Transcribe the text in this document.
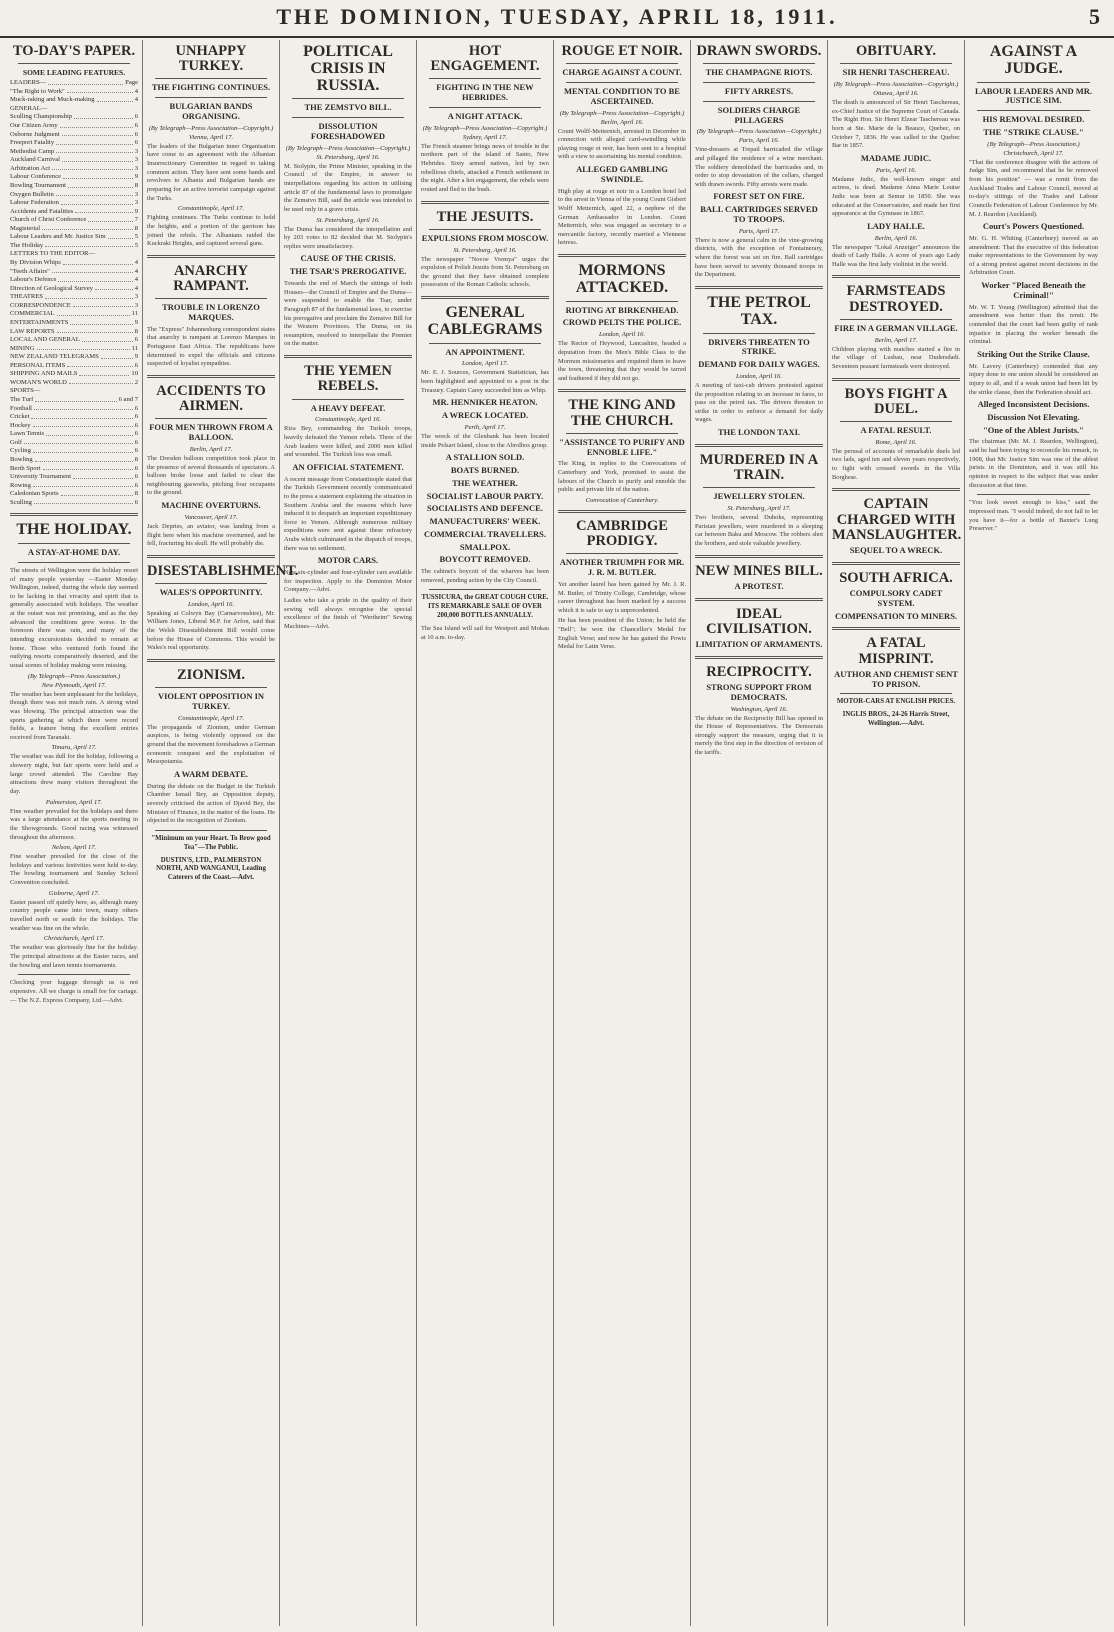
THE DOMINION, TUESDAY, APRIL 18, 1911.	5
TO-DAY'S PAPER.
SOME LEADING FEATURES.
LEADERS—	Page
"The Right to Work"	4
Muck-raking and Muck-making	4
GENERAL—
Sculling Championship	6
Our Citizen Army	6
Osborne Judgment	6
Freeport Fatality	6
Methodist Camp	3
Auckland Carnival	3
Arbitration Act	3
Labour Conference	9
Bowling Tournament	8
Oxygen Bulletin	3
Labour Federation	3
Accidents and Fatalities	9
Church of Christ Conference	7
Magisterial	8
Labour Leaders and Mr. Justice Sim	5
The Holiday	5
LETTERS TO THE EDITOR—
By Division Whips	4
"Teeth Affairs"	4
Labour's Defence	4
Direction of Geological Survey	4
THEATRES	3
CORRESPONDENCE	3
COMMERCIAL	11
ENTERTAINMENTS	9
LAW REPORTS	8
LOCAL AND GENERAL	6
MINING	11
NEW ZEALAND TELEGRAMS	9
PERSONAL ITEMS	6
SHIPPING AND MAILS	10
WOMAN'S WORLD	2
SPORTS—
The Turf	6 and 7
Football	6
Cricket	6
Hockey	6
Lawn Tennis	6
Golf	6
Cycling	6
Bowling	8
Berth Sport	6
University Tournament	6
Rowing	6
Caledonian Sports	8
Sculling	6
THE HOLIDAY.
A STAY-AT-HOME DAY.

The streets of Wellington were the holiday resort of many people yesterday —Easter Monday. Wellington, indeed, during the whole day seemed to be lacking in that vivacity and spirit that is generally associated with holidays. The weather at the outset was not promising, and as the day advanced the conditions grew worse. In the forenoon there was rain, and many of the intending excursionists decided to remain at home. Those who ventured forth found the outlying resorts comparatively deserted, and the usual scenes of holiday making were missing.

(By Telegraph—Press Association.)
New Plymouth, April 17.

The weather has been unpleasant for the holidays, though there was not much rain. A strong wind was blowing. The principal attraction was the sports gathering at which there were record fields, a feature being the excellent entries received from Taranaki.

Timaru, April 17.

The weather was dull for the holiday, following a showery night, but fair sports were held and a large crowd attended. The Caroline Bay attractions drew many visitors throughout the day.

Palmerston, April 17.

Fine weather prevailed for the holidays and there was a large attendance at the sports meeting in the Showgrounds. Good racing was witnessed throughout the afternoon.

Nelson, April 17.

Fine weather prevailed for the close of the holidays and various festivities were held to-day. The bowling tournament and Sunday School Convention concluded.

Gisborne, April 17.

Easter passed off quietly here, as, although many country people came into town, many others travelled north or south for the holidays. The weather was fine on the whole.

Christchurch, April 17.

The weather was gloriously fine for the holiday. The principal attractions at the Easter races, and the bowling and lawn tennis tournaments.

Checking your luggage through us is not expensive. All we charge is small fee for cartage. — The N.Z. Express Company, Ltd.—Advt.

UNHAPPY TURKEY.
THE FIGHTING CONTINUES.
BULGARIAN BANDS ORGANISING.
(By Telegraph—Press Association—Copyright.)
Vienna, April 17.

The leaders of the Bulgarian inner Organisation have come to an agreement with the Albanian Insurrectionary Committee in regard to taking common action. They have sent some bands and revolvers to Albania and Bulgarian bands are preparing for an active terrorist campaign against the Turks.

Constantinople, April 17.

Fighting continues. The Turks continue to hold the heights, and a portion of the garrison has joined the rebels. The Albanians raided the Kuckraki Heights, and captured several guns.

ANARCHY RAMPANT.
TROUBLE IN LORENZO MARQUES.

The "Express" Johannesburg correspondent states that anarchy is rampant at Lorenzo Marques in Portuguese East Africa. The republicans have determined to expel the officials and citizens suspected of loyalist sympathies.

ACCIDENTS TO AIRMEN.
FOUR MEN THROWN FROM A BALLOON.
Berlin, April 17.

The Dresden balloon competition took place in the presence of several thousands of spectators. A balloon broke loose and failed to clear the neighbouring gasworks, pitching four occupants to the ground.

MACHINE OVERTURNS.
Vancouver, April 17.

Jack Depries, an aviator, was landing from a flight here when his machine overturned, and he fell, fracturing his skull. He will probably die.

DISESTABLISHMENT.
WALES'S OPPORTUNITY.
London, April 16.

Speaking at Colwyn Bay (Carnarvonshire), Mr. William Jones, Liberal M.P. for Arfon, said that the Welsh Disestablishment Bill would come before the House of Commons. This would be Wales's real opportunity.

ZIONISM.
VIOLENT OPPOSITION IN TURKEY.
Constantinople, April 17.

The propaganda of Zionism, under German auspices, is being violently opposed on the ground that the movement foreshadows a German economic conquest and the exploitation of Mesopotamia.

A WARM DEBATE.

During the debate on the Budget in the Turkish Chamber Ismail Bey, an Opposition deputy, severely criticised the action of Djavid Bey, the Minister of Finance, in the matter of the loans. He objected to the recognition of Zionism.

"Minimum on your Heart. To Brow good Tea"—The Public.
DUSTIN'S, LTD., PALMERSTON NORTH, AND WANGANUI, Leading Caterers of the Coast.—Advt.
POLITICAL CRISIS IN RUSSIA.
THE ZEMSTVO BILL.
DISSOLUTION FORESHADOWED
(By Telegraph—Press Association—Copyright.)
St. Petersburg, April 16.

M. Stolypin, the Prime Minister, speaking in the Council of the Empire, in answer to interpellations regarding his action in utilising article 87 of the fundamental laws to promulgate the Zemstvo Bill, said the article was intended to be used only in a grave crisis.

St. Petersburg, April 16.

The Duma has considered the interpellation and by 203 votes to 82 decided that M. Stolypin's replies were unsatisfactory.

CAUSE OF THE CRISIS.
THE TSAR'S PREROGATIVE.

Towards the end of March the sittings of both Houses—the Council of Empire and the Duma—were suspended to enable the Tsar, under Paragraph 87 of the fundamental laws, to exercise his prerogative and proclaim the Zemstvo Bill for the Western Provinces. The Duma, on its resumption, resolved to interpellate the Premier on the matter.

THE YEMEN REBELS.
A HEAVY DEFEAT.
Constantinople, April 16.

Riza Bey, commanding the Turkish troops, heavily defeated the Yemen rebels. Three of the Arab leaders were killed, and 2000 men killed and wounded. The Turkish loss was small.

AN OFFICIAL STATEMENT.

A recent message from Constantinople stated that the Turkish Government recently communicated to the press a statement explaining the situation in Southern Arabia and the reasons which have induced it to despatch an important expeditionary force to Yemen. Although numerous military expeditions were sent against these refractory Arabs which culminated in the dispatch of troops, there was no settlement.

MOTOR CARS.

New six-cylinder and four-cylinder cars available for inspection. Apply to the Dominion Motor Company.—Advt.

Ladies who take a pride in the quality of their sewing will always recognise the special excellence of the finish of "Wertheim" Sewing Machines—Advt.

HOT ENGAGEMENT.
FIGHTING IN THE NEW HEBRIDES.
A NIGHT ATTACK.
(By Telegraph—Press Association—Copyright.)
Sydney, April 17.

The French steamer brings news of trouble in the northern part of the island of Santo, New Hebrides. Sixty armed natives, led by two rebellious chiefs, attacked a French settlement in the night. After a hot engagement, the rebels were routed and fled to the bush.

THE JESUITS.
EXPULSIONS FROM MOSCOW.
St. Petersburg, April 16.

The newspaper "Novoe Vremya" urges the expulsion of Polish Jesuits from St. Petersburg on the ground that they have obtained complete possession of the Roman Catholic schools.

GENERAL CABLEGRAMS
AN APPOINTMENT.
London, April 17.

Mr. E. J. Sources, Government Statistician, has been highlighted and appointed to a post in the Treasury. Captain Carey succeeded him as Whip.

MR. HENNIKER HEATON.
A WRECK LOCATED.
Perth, April 17.

The wreck of the Glenbank has been located inside Pelsart Island, close to the Abrolhos group.

A STALLION SOLD.
BOATS BURNED.
THE WEATHER.
SOCIALIST LABOUR PARTY.
SOCIALISTS AND DEFENCE.
MANUFACTURERS' WEEK.
COMMERCIAL TRAVELLERS.
SMALLPOX.
BOYCOTT REMOVED.

The cabinet's boycott of the wharves has been removed, pending action by the City Council.

TUSSICURA, the GREAT COUGH CURE. ITS REMARKABLE SALE OF OVER 200,000 BOTTLES ANNUALLY.

The Sea Island will sail for Westport and Mokau at 10 a.m. to-day.

ROUGE ET NOIR.
CHARGE AGAINST A COUNT.
MENTAL CONDITION TO BE ASCERTAINED.
(By Telegraph—Press Association—Copyright.)
Berlin, April 16.

Count Wolff-Metternich, arrested in December in connection with alleged card-swindling while playing rouge et noir, has been sent to a hospital with a view to ascertaining his mental condition.

ALLEGED GAMBLING SWINDLE.

High play at rouge et noir in a London hotel led to the arrest in Vienna of the young Count Gisbert Wolff Metternich, aged 22, a nephew of the German Ambassador in London. Count Metternich, who was engaged as secretary to a mercantile factory, recently married a Viennese heiress.

MORMONS ATTACKED.
RIOTING AT BIRKENHEAD.
CROWD PELTS THE POLICE.
London, April 16.

The Rector of Heywood, Lancashire, headed a deputation from the Men's Bible Class to the Mormon missionaries and required them to leave the town, threatening that they would be tarred and feathered if they did not go.

THE KING AND THE CHURCH.
"ASSISTANCE TO PURIFY AND ENNOBLE LIFE."

The King, in replies to the Convocations of Canterbury and York, promised to assist the labours of the Church to purify and ennoble the public and private life of the nation.

Convocation of Canterbury.
CAMBRIDGE PRODIGY.
ANOTHER TRIUMPH FOR MR. J. R. M. BUTLER.

Yet another laurel has been gained by Mr. J. R. M. Butler, of Trinity College, Cambridge, whose career throughout has been marked by a success which it is safe to say is unprecedented.

He has been president of the Union; he held the "Bell"; he won the Chancellor's Medal for English Verse; and now he has gained the Powis Medal for Latin Verse.

DRAWN SWORDS.
THE CHAMPAGNE RIOTS.
FIFTY ARRESTS.
SOLDIERS CHARGE PILLAGERS
(By Telegraph—Press Association—Copyright.)
Paris, April 16.

Vine-dressers at Trepail barricaded the village and pillaged the residence of a wine merchant. The soldiery demolished the barricades and, in order to stop devastation of the cellars, charged with drawn swords. Fifty arrests were made.

FOREST SET ON FIRE.
BALL CARTRIDGES SERVED TO TROOPS.
Paris, April 17.

There is now a general calm in the vine-growing districts, with the exception of Fontainerary, where the forest was set on fire. Ball cartridges have been served to seventy thousand troops in the Department.

THE PETROL TAX.
DRIVERS THREATEN TO STRIKE.
DEMAND FOR DAILY WAGES.
London, April 16.

A meeting of taxi-cab drivers protested against the proposition relating to an increase in fares, to pass on the petrol tax. The drivers threaten to strike in order to enforce a demand for daily wages.

THE LONDON TAXI.
MURDERED IN A TRAIN.
JEWELLERY STOLEN.
St. Petersburg, April 17.

Two brothers, several Duhoks, representing Parisian jewellers, were murdered in a sleeping car between Baku and Moscow. The robbers shot the brothers, and stole valuable jewellery.

NEW MINES BILL.
A PROTEST.
IDEAL CIVILISATION.
LIMITATION OF ARMAMENTS.
RECIPROCITY.
STRONG SUPPORT FROM DEMOCRATS.
Washington, April 16.

The debate on the Reciprocity Bill has opened in the House of Representatives. The Democrats strongly support the measure, urging that it is merely the first step in the direction of revision of the tariffs.

OBITUARY.
SIR HENRI TASCHEREAU.
(By Telegraph—Press Association—Copyright.)
Ottawa, April 16.

The death is announced of Sir Henri Taschereau, ex-Chief Justice of the Supreme Court of Canada. The Right Hon. Sir Henri Elzear Taschereau was born at Ste. Marie de la Beauce, Quebec, on October 7, 1836. He was called to the Quebec Bar in 1857.

MADAME JUDIC.
Paris, April 16.

Madame Judic, the well-known singer and actress, is dead. Madame Anna Marie Louise Judic was born at Semur in 1850. She was educated at the Conservatoire, and made her first appearance at the Gymnase in 1867.

LADY HALLE.
Berlin, April 16.

The newspaper "Lokal Anzeiger" announces the death of Lady Halle. A score of years ago Lady Halle was the first lady violinist in the world.

FARMSTEADS DESTROYED.
FIRE IN A GERMAN VILLAGE.
Berlin, April 17.

Children playing with matches started a fire in the village of Lusbau, near Dudersdadt. Seventeen peasant farmsteads were destroyed.

BOYS FIGHT A DUEL.
A FATAL RESULT.
Rome, April 16.

The perusal of accounts of remarkable duels led two lads, aged ten and eleven years respectively, to fight with crossed swords in the Villa Borghese.

CAPTAIN CHARGED WITH MANSLAUGHTER.
SEQUEL TO A WRECK.
SOUTH AFRICA.
COMPULSORY CADET SYSTEM.
COMPENSATION TO MINERS.
A FATAL MISPRINT.
AUTHOR AND CHEMIST SENT TO PRISON.
MOTOR-CARS AT ENGLISH PRICES.
INGLIS BROS., 24-26 Harris Street, Wellington.—Advt.
AGAINST A JUDGE.
LABOUR LEADERS AND MR. JUSTICE SIM.
HIS REMOVAL DESIRED.
THE "STRIKE CLAUSE."
(By Telegraph—Press Association.)
Christchurch, April 17.

"That the conference disagree with the actions of Judge Sim, and recommend that he be removed from his position" — was a remit from the Auckland Trades and Labour Council, moved at to-day's sittings of the Trades and Labour Councils Federation of Labour Conference by Mr. M. J. Reardon (Auckland).

Court's Powers Questioned.

Mr. G. H. Whiting (Canterbury) moved as an amendment: That the executive of this federation make representations to the Government by way of a strong protest against recent decisions in the Arbitration Court.

Worker "Placed Beneath the Criminal!"

Mr. W. T. Young (Wellington) admitted that the amendment was better than the remit. He contended that the court had been guilty of rank injustice in placing the worker beneath the criminal.

Striking Out the Strike Clause.

Mr. Lavery (Canterbury) contended that any injury done to one union should be considered an injury to all, and if a weak union had been hit by the strike clause, then the Federation should act.

Alleged Inconsistent Decisions.
Discussion Not Elevating.
"One of the Ablest Jurists."

The chairman (Mr. M. J. Reardon, Wellington), said he had been trying to reconcile his remark, in 1908, that Mr. Justice Sim was one of the ablest jurists in the Dominion, and it was still his opinion in respect to the subject that was under discussion at that time.

"You look sweet enough to kiss," said the impressed man. "I would indeed, do not fail to let you have it—for a bottle of Baxter's Lung Preserver."
